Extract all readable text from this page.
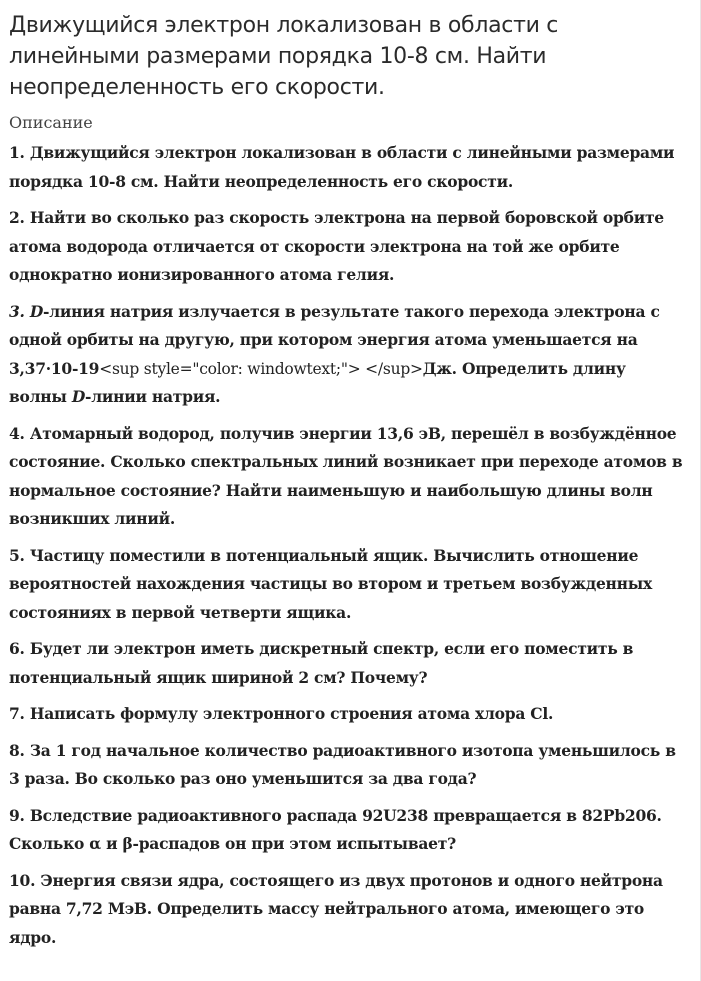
Движущийся электрон локализован в области с линейными размерами порядка 10-8 см. Найти неопределенность его скорости.
Описание
1. Движущийся электрон локализован в области с линейными размерами порядка 10-8 см. Найти неопределенность его скорости.
2. Найти во сколько раз скорость электрона на первой боровской орбите атома водорода отличается от скорости электрона на той же орбите однократно ионизированного атома гелия.
3. D-линия натрия излучается в результате такого перехода электрона с одной орбиты на другую, при котором энергия атома уменьшается на 3,37·10-19<sup style="color: windowtext;"> </sup>Дж. Определить длину волны D-линии натрия.
4. Атомарный водород, получив энергии 13,6 эВ, перешёл в возбуждённое состояние. Сколько спектральных линий возникает при переходе атомов в нормальное состояние? Найти наименьшую и наибольшую длины волн возникших линий.
5. Частицу поместили в потенциальный ящик. Вычислить отношение вероятностей нахождения частицы во втором и третьем возбужденных состояниях в первой четверти ящика.
6. Будет ли электрон иметь дискретный спектр, если его поместить в потенциальный ящик шириной 2 см? Почему?
7. Написать формулу электронного строения атома хлора Cl.
8. За 1 год начальное количество радиоактивного изотопа уменьшилось в 3 раза. Во сколько раз оно уменьшится за два года?
9. Вследствие радиоактивного распада 92U238 превращается в 82Pb206. Сколько α и β-распадов он при этом испытывает?
10. Энергия связи ядра, состоящего из двух протонов и одного нейтрона равна 7,72 МэВ. Определить массу нейтрального атома, имеющего это ядро.
